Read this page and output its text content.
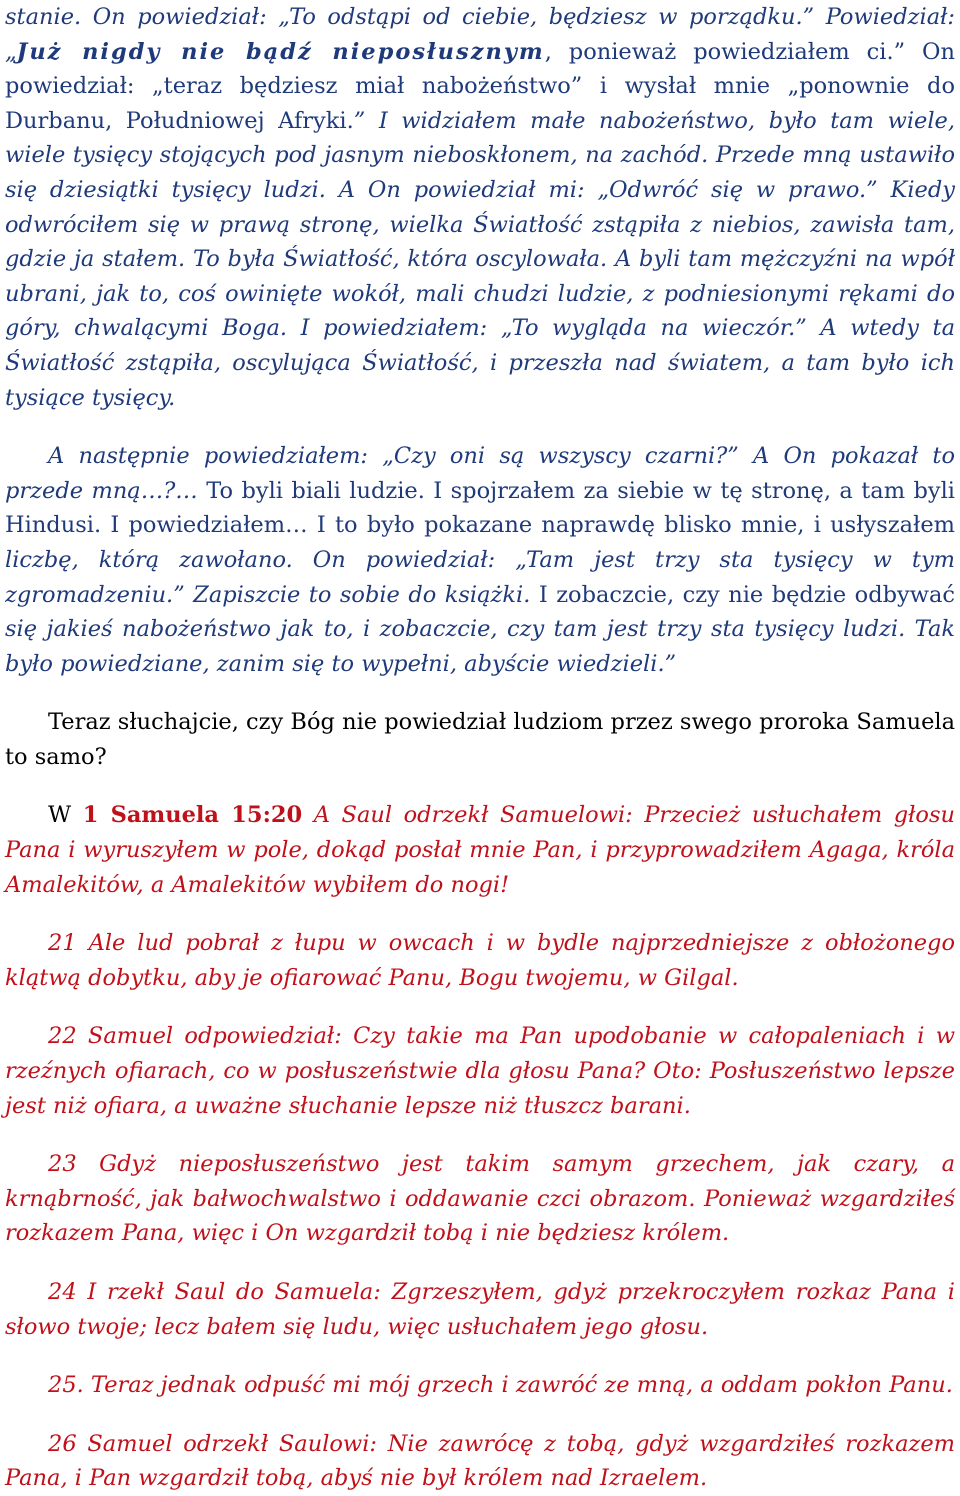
stanie. On powiedział: „To odstąpi od ciebie, będziesz w porządku.” Powiedział: „Już nigdy nie bądź nieposłusznym, ponieważ powiedziałem ci.” On powiedział: „teraz będziesz miał nabożeństwo” i wysłał mnie „ponownie do Durbanu, Południowej Afryki.” I widziałem małe nabożeństwo, było tam wiele, wiele tysięcy stojących pod jasnym nieboskłonem, na zachód. Przede mną ustawiło się dziesiątki tysięcy ludzi. A On powiedział mi: „Odwróć się w prawo.” Kiedy odwróciłem się w prawą stronę, wielka Światłość zstąpiła z niebios, zawisła tam, gdzie ja stałem. To była Światłość, która oscylowała. A byli tam mężczyźni na wpół ubrani, jak to, coś owinięte wokół, mali chudzi ludzie, z podniesionymi rękami do góry, chwalącymi Boga. I powiedziałem: „To wygląda na wieczór.” A wtedy ta Światłość zstąpiła, oscylująca Światłość, i przeszła nad światem, a tam było ich tysiące tysięcy.

A następnie powiedziałem: „Czy oni są wszyscy czarni?” A On pokazał to przede mną…?… To byli biali ludzie. I spojrzałem za siebie w tę stronę, a tam byli Hindusi. I powiedziałem… I to było pokazane naprawdę blisko mnie, i usłyszałem liczbę, którą zawołano. On powiedział: „Tam jest trzy sta tysięcy w tym zgromadzeniu.” Zapiszcie to sobie do książki. I zobaczcie, czy nie będzie odbywać się jakieś nabożeństwo jak to, i zobaczcie, czy tam jest trzy sta tysięcy ludzi. Tak było powiedziane, zanim się to wypełni, abyście wiedzieli.”

Teraz słuchajcie, czy Bóg nie powiedział ludziom przez swego proroka Samuela to samo?

W 1 Samuela 15:20 A Saul odrzekł Samuelowi: Przecież usłuchałem głosu Pana i wyruszyłem w pole, dokąd posłał mnie Pan, i przyprowadziłem Agaga, króla Amalekitów, a Amalekitów wybiłem do nogi!

21 Ale lud pobrał z łupu w owcach i w bydle najprzedniejsze z obłożonego klątwą dobytku, aby je ofiarować Panu, Bogu twojemu, w Gilgal.

22 Samuel odpowiedział: Czy takie ma Pan upodobanie w całopaleniach i w rzeźnych ofiarach, co w posłuszeństwie dla głosu Pana? Oto: Posłuszeństwo lepsze jest niż ofiara, a uważne słuchanie lepsze niż tłuszcz barani.

23 Gdyż nieposłuszeństwo jest takim samym grzechem, jak czary, a krnąbrność, jak bałwochwalstwo i oddawanie czci obrazom. Ponieważ wzgardziłeś rozkazem Pana, więc i On wzgardził tobą i nie będziesz królem.

24 I rzekł Saul do Samuela: Zgrzeszyłem, gdyż przekroczyłem rozkaz Pana i słowo twoje; lecz bałem się ludu, więc usłuchałem jego głosu.

25. Teraz jednak odpuść mi mój grzech i zawróć ze mną, a oddam pokłon Panu.

26 Samuel odrzekł Saulowi: Nie zawrócę z tobą, gdyż wzgardziłeś rozkazem Pana, i Pan wzgardził tobą, abyś nie był królem nad Izraelem.
